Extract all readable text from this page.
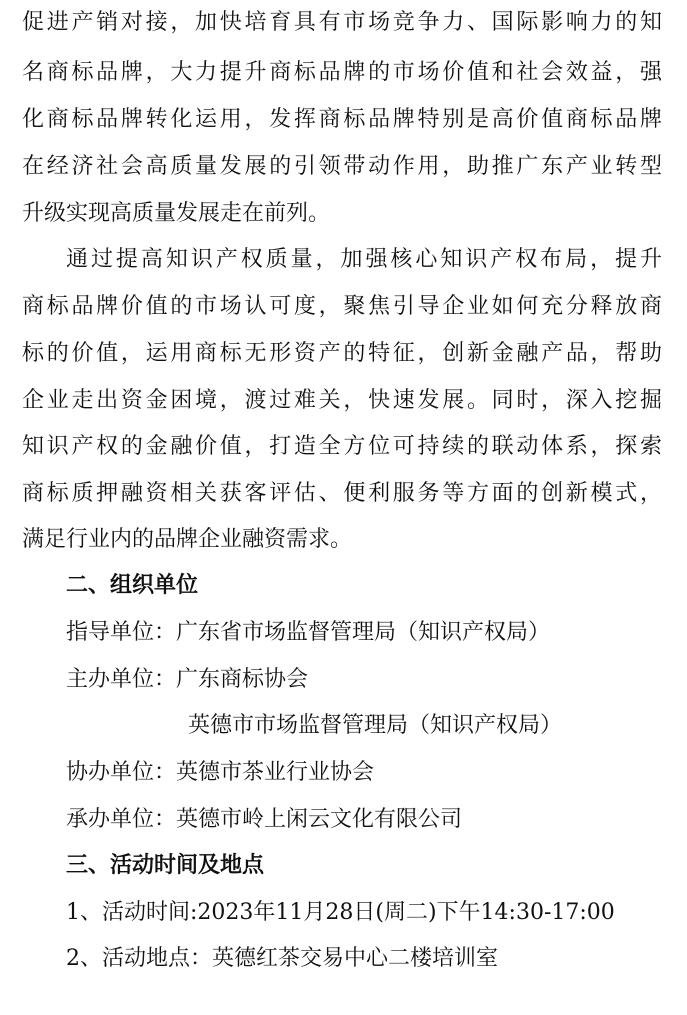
促进产销对接，加快培育具有市场竞争力、国际影响力的知
名商标品牌，大力提升商标品牌的市场价值和社会效益，强
化商标品牌转化运用，发挥商标品牌特别是高价值商标品牌
在经济社会高质量发展的引领带动作用，助推广东产业转型
升级实现高质量发展走在前列。
通过提高知识产权质量，加强核心知识产权布局，提升
商标品牌价值的市场认可度，聚焦引导企业如何充分释放商
标的价值，运用商标无形资产的特征，创新金融产品，帮助
企业走出资金困境，渡过难关，快速发展。同时，深入挖掘
知识产权的金融价值，打造全方位可持续的联动体系，探索
商标质押融资相关获客评估、便利服务等方面的创新模式，
满足行业内的品牌企业融资需求。
二、组织单位
指导单位：广东省市场监督管理局（知识产权局）
主办单位：广东商标协会
英德市市场监督管理局（知识产权局）
协办单位：英德市茶业行业协会
承办单位：英德市岭上闲云文化有限公司
三、活动时间及地点
1、活动时间:2023年11月28日(周二)下午14:30-17:00
2、活动地点：英德红茶交易中心二楼培训室
